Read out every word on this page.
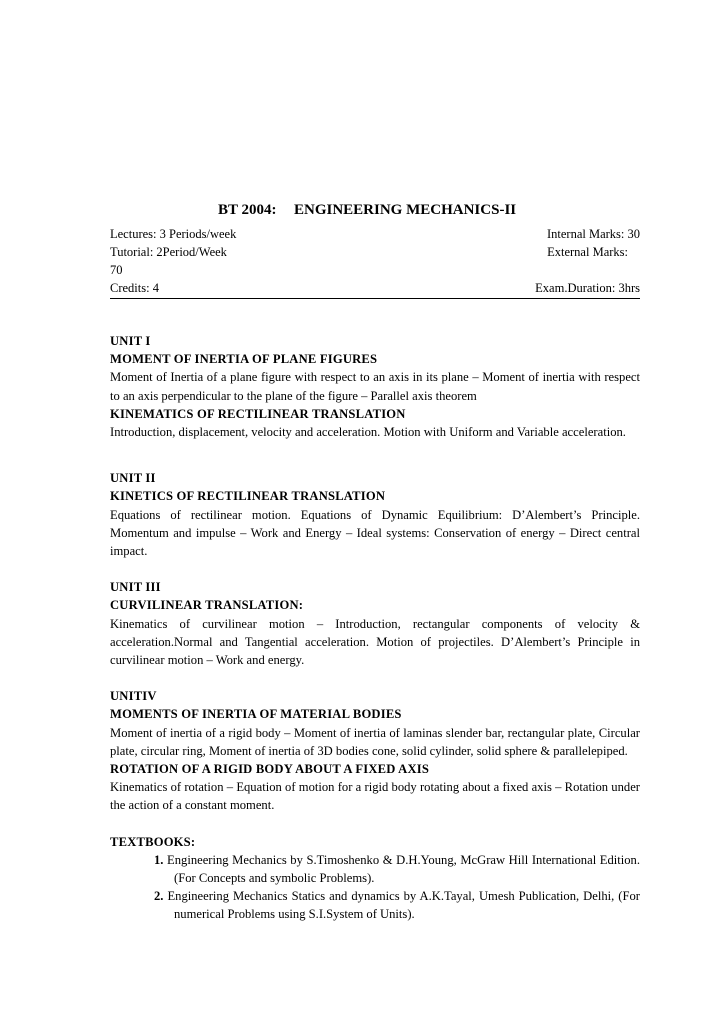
BT 2004: ENGINEERING MECHANICS-II
Lectures: 3 Periods/week	Internal Marks: 30
Tutorial: 2Period/Week	External Marks:
70
Credits: 4	Exam.Duration: 3hrs
UNIT I
MOMENT OF INERTIA OF PLANE FIGURES
Moment of Inertia of a plane figure with respect to an axis in its plane – Moment of inertia with respect to an axis perpendicular to the plane of the figure – Parallel axis theorem
KINEMATICS OF RECTILINEAR TRANSLATION
Introduction, displacement, velocity and acceleration. Motion with Uniform and Variable acceleration.
UNIT II
KINETICS OF RECTILINEAR TRANSLATION
Equations of rectilinear motion. Equations of Dynamic Equilibrium: D’Alembert’s Principle. Momentum and impulse – Work and Energy – Ideal systems: Conservation of energy – Direct central impact.
UNIT III
CURVILINEAR TRANSLATION:
Kinematics of curvilinear motion – Introduction, rectangular components of velocity & acceleration.Normal and Tangential acceleration. Motion of projectiles. D’Alembert’s Principle in curvilinear motion – Work and energy.
UNITIV
MOMENTS OF INERTIA OF MATERIAL BODIES
Moment of inertia of a rigid body – Moment of inertia of laminas slender bar, rectangular plate, Circular plate, circular ring, Moment of inertia of 3D bodies cone, solid cylinder, solid sphere & parallelepiped.
ROTATION OF A RIGID BODY ABOUT A FIXED AXIS
Kinematics of rotation – Equation of motion for a rigid body rotating about a fixed axis – Rotation under the action of a constant moment.
TEXTBOOKS:
1. Engineering Mechanics by S.Timoshenko & D.H.Young, McGraw Hill International Edition.(For Concepts and symbolic Problems).
2. Engineering Mechanics Statics and dynamics by A.K.Tayal, Umesh Publication, Delhi, (For numerical Problems using S.I.System of Units).
